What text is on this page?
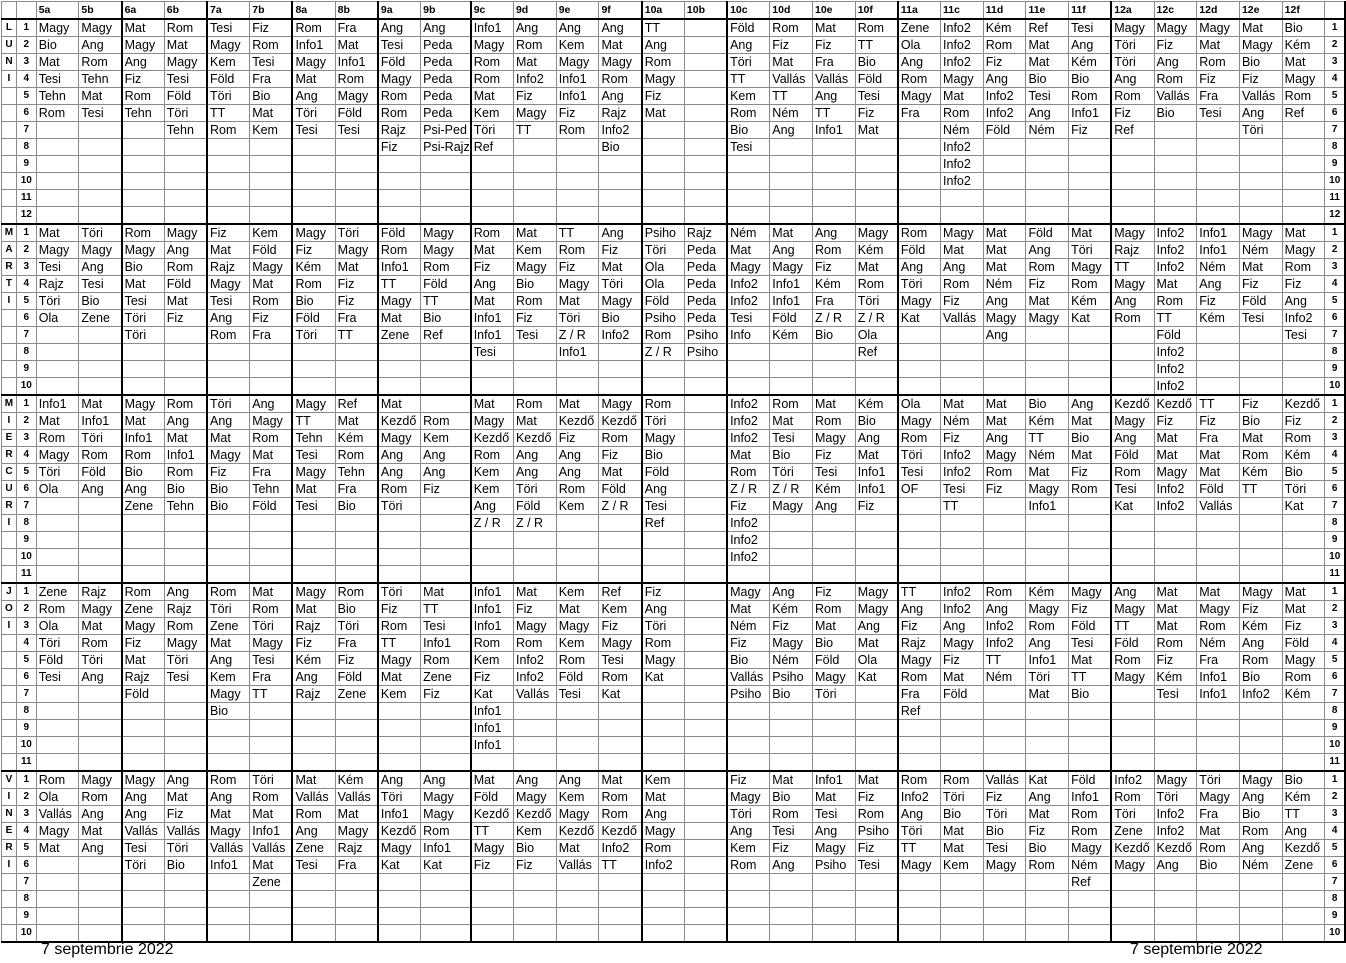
		5a	5b	6a	6b	7a	7b	8a	8b	9a	9b	9c	9d	9e	9f	10a	10b	10c	10d	10e	10f	11a	11c	11d	11e	11f	12a	12c	12d	12e	12f	
L	1	Magy	Magy	Mat	Rom	Tesi	Fiz	Rom	Fra	Ang	Ang	Info1	Ang	Ang	Ang	TT		Föld	Rom	Mat	Rom	Zene	Info2	Kém	Ref	Tesi	Magy	Magy	Magy	Mat	Bio	1
U	2	Bio	Ang	Magy	Mat	Magy	Rom	Info1	Mat	Tesi	Peda	Magy	Rom	Kem	Mat	Ang		Ang	Fiz	Fiz	TT	Ola	Info2	Rom	Mat	Ang	Töri	Fiz	Mat	Magy	Kém	2
N	3	Mat	Rom	Ang	Magy	Kem	Tesi	Magy	Info1	Föld	Peda	Rom	Mat	Magy	Magy	Rom		Töri	Mat	Fra	Bio	Ang	Info2	Fiz	Mat	Kém	Töri	Ang	Rom	Bio	Mat	3
I	4	Tesi	Tehn	Fiz	Tesi	Föld	Fra	Mat	Rom	Magy	Peda	Rom	Info2	Info1	Rom	Magy		TT	Vallás	Vallás	Föld	Rom	Magy	Ang	Bio	Bio	Ang	Rom	Fiz	Fiz	Magy	4
	5	Tehn	Mat	Rom	Föld	Töri	Bio	Ang	Magy	Rom	Peda	Mat	Fiz	Info1	Ang	Fiz		Kem	TT	Ang	Tesi	Magy	Mat	Info2	Tesi	Rom	Rom	Vallás	Fra	Vallás	Rom	5
	6	Rom	Tesi	Tehn	Töri	TT	Mat	Töri	Föld	Rom	Peda	Kem	Magy	Fiz	Rajz	Mat		Rom	Ném	TT	Fiz	Fra	Rom	Info2	Ang	Info1	Fiz	Bio	Tesi	Ang	Ref	6
	7				Tehn	Rom	Kem	Tesi	Tesi	Rajz	Psi-Ped	Töri	TT	Rom	Info2			Bio	Ang	Info1	Mat		Ném	Föld	Ném	Fiz	Ref			Töri		7
	8									Fiz	Psi-Rajz	Ref			Bio			Tesi					Info2									8
	9																						Info2									9
	10																						Info2									10
	11																															11
	12																															12
M	1	Mat	Töri	Rom	Magy	Fiz	Kem	Magy	Töri	Föld	Magy	Rom	Mat	TT	Ang	Psiho	Rajz	Ném	Mat	Ang	Magy	Rom	Magy	Mat	Föld	Mat	Magy	Info2	Info1	Magy	Mat	1
A	2	Magy	Magy	Magy	Ang	Mat	Föld	Fiz	Magy	Rom	Magy	Mat	Kem	Rom	Fiz	Töri	Peda	Mat	Ang	Rom	Kém	Föld	Mat	Mat	Ang	Töri	Rajz	Info2	Info1	Ném	Magy	2
R	3	Tesi	Ang	Bio	Rom	Rajz	Magy	Kém	Mat	Info1	Rom	Fiz	Magy	Fiz	Mat	Ola	Peda	Magy	Magy	Fiz	Mat	Ang	Ang	Mat	Rom	Magy	TT	Info2	Ném	Mat	Rom	3
T	4	Rajz	Tesi	Mat	Föld	Magy	Mat	Rom	Fiz	TT	Föld	Ang	Bio	Magy	Töri	Ola	Peda	Info2	Info1	Kém	Rom	Töri	Rom	Ném	Fiz	Rom	Magy	Mat	Ang	Fiz	Fiz	4
I	5	Töri	Bio	Tesi	Mat	Tesi	Rom	Bio	Fiz	Magy	TT	Mat	Rom	Mat	Magy	Föld	Peda	Info2	Info1	Fra	Töri	Magy	Fiz	Ang	Mat	Kém	Ang	Rom	Fiz	Föld	Ang	5
	6	Ola	Zene	Töri	Fiz	Ang	Fiz	Föld	Fra	Mat	Bio	Info1	Fiz	Töri	Bio	Psiho	Peda	Tesi	Föld	Z / R	Z / R	Kat	Vallás	Magy	Magy	Kat	Rom	TT	Kém	Tesi	Info2	6
	7			Töri		Rom	Fra	Töri	TT	Zene	Ref	Info1	Tesi	Z / R	Info2	Rom	Psiho	Info	Kém	Bio	Ola			Ang				Föld			Tesi	7
	8											Tesi		Info1		Z / R	Psiho				Ref							Info2				8
	9																											Info2				9
	10																											Info2				10
M	1	Info1	Mat	Magy	Rom	Töri	Ang	Magy	Ref	Mat		Mat	Rom	Mat	Magy	Rom		Info2	Rom	Mat	Kém	Ola	Mat	Mat	Bio	Ang	Kezdő	Kezdő	TT	Fiz	Kezdő	1
I	2	Mat	Info1	Mat	Ang	Ang	Magy	TT	Mat	Kezdő	Rom	Magy	Mat	Kezdő	Kezdő	Töri		Info2	Mat	Rom	Bio	Magy	Ném	Mat	Kém	Mat	Magy	Fiz	Fiz	Bio	Fiz	2
E	3	Rom	Töri	Info1	Mat	Mat	Rom	Tehn	Kém	Magy	Kem	Kezdő	Kezdő	Fiz	Rom	Magy		Info2	Tesi	Magy	Ang	Rom	Fiz	Ang	TT	Bio	Ang	Mat	Fra	Mat	Rom	3
R	4	Magy	Rom	Rom	Info1	Magy	Mat	Tesi	Rom	Ang	Ang	Rom	Ang	Ang	Fiz	Bio		Mat	Bio	Fiz	Mat	Töri	Info2	Magy	Ném	Mat	Föld	Mat	Mat	Rom	Kém	4
C	5	Töri	Föld	Bio	Rom	Fiz	Fra	Magy	Tehn	Ang	Ang	Kem	Ang	Ang	Mat	Föld		Rom	Töri	Tesi	Info1	Tesi	Info2	Rom	Mat	Fiz	Rom	Magy	Mat	Kém	Bio	5
U	6	Ola	Ang	Ang	Bio	Bio	Tehn	Mat	Fra	Rom	Fiz	Kem	Töri	Rom	Föld	Ang		Z / R	Z / R	Kém	Info1	OF	Tesi	Fiz	Magy	Rom	Tesi	Info2	Föld	TT	Töri	6
R	7			Zene	Tehn	Bio	Föld	Tesi	Bio	Töri		Ang	Föld	Kem	Z / R	Tesi		Fiz	Magy	Ang	Fiz		TT		Info1		Kat	Info2	Vallás		Kat	7
I	8											Z / R	Z / R			Ref		Info2														8
	9																	Info2														9
	10																	Info2														10
	11																															11
J	1	Zene	Rajz	Rom	Ang	Rom	Mat	Magy	Rom	Töri	Mat	Info1	Mat	Kem	Ref	Fiz		Magy	Ang	Fiz	Magy	TT	Info2	Rom	Kém	Magy	Ang	Mat	Mat	Magy	Mat	1
O	2	Rom	Magy	Zene	Rajz	Töri	Rom	Mat	Bio	Fiz	TT	Info1	Fiz	Mat	Kem	Ang		Mat	Kém	Rom	Magy	Ang	Info2	Ang	Magy	Fiz	Magy	Mat	Magy	Fiz	Mat	2
I	3	Ola	Mat	Magy	Rom	Zene	Töri	Rajz	Töri	Rom	Tesi	Info1	Magy	Magy	Fiz	Töri		Ném	Fiz	Mat	Ang	Fiz	Ang	Info2	Rom	Föld	TT	Mat	Rom	Kém	Fiz	3
	4	Töri	Rom	Fiz	Magy	Mat	Magy	Fiz	Fra	TT	Info1	Rom	Rom	Kem	Magy	Rom		Fiz	Magy	Bio	Mat	Rajz	Magy	Info2	Ang	Tesi	Föld	Rom	Ném	Ang	Föld	4
	5	Föld	Töri	Mat	Töri	Ang	Tesi	Kém	Fiz	Magy	Rom	Kem	Info2	Rom	Tesi	Magy		Bio	Ném	Föld	Ola	Magy	Fiz	TT	Info1	Mat	Rom	Fiz	Fra	Rom	Magy	5
	6	Tesi	Ang	Rajz	Tesi	Kem	Fra	Ang	Föld	Mat	Zene	Fiz	Info2	Föld	Rom	Kat		Vallás	Psiho	Magy	Kat	Rom	Mat	Ném	Töri	TT	Magy	Kém	Info1	Bio	Rom	6
	7			Föld		Magy	TT	Rajz	Zene	Kem	Fiz	Kat	Vallás	Tesi	Kat			Psiho	Bio	Töri		Fra	Föld		Mat	Bio		Tesi	Info1	Info2	Kém	7
	8					Bio						Info1										Ref										8
	9											Info1																				9
	10											Info1																				10
	11																															11
V	1	Rom	Magy	Magy	Ang	Rom	Töri	Mat	Kém	Ang	Ang	Mat	Ang	Ang	Mat	Kem		Fiz	Mat	Info1	Mat	Rom	Rom	Vallás	Kat	Föld	Info2	Magy	Töri	Magy	Bio	1
I	2	Ola	Rom	Ang	Mat	Ang	Rom	Vallás	Vallás	Töri	Magy	Föld	Magy	Kem	Rom	Mat		Magy	Bio	Mat	Fiz	Info2	Töri	Fiz	Ang	Info1	Rom	Töri	Magy	Ang	Kém	2
N	3	Vallás	Ang	Ang	Fiz	Mat	Mat	Rom	Mat	Info1	Magy	Kezdő	Kezdő	Magy	Rom	Ang		Töri	Rom	Tesi	Rom	Ang	Bio	Töri	Mat	Rom	Töri	Info2	Fra	Bio	TT	3
E	4	Magy	Mat	Vallás	Vallás	Magy	Info1	Ang	Magy	Kezdő	Rom	TT	Kem	Kezdő	Kezdő	Magy		Ang	Tesi	Ang	Psiho	Töri	Mat	Bio	Fiz	Rom	Zene	Info2	Mat	Rom	Ang	4
R	5	Mat	Ang	Tesi	Töri	Vallás	Vallás	Zene	Rajz	Magy	Info1	Magy	Bio	Mat	Info2	Rom		Kem	Fiz	Magy	Fiz	TT	Mat	Tesi	Bio	Magy	Kezdő	Kezdő	Rom	Ang	Kezdő	5
I	6			Töri	Bio	Info1	Mat	Tesi	Fra	Kat	Kat	Fiz	Fiz	Vallás	TT	Info2		Rom	Ang	Psiho	Tesi	Magy	Kem	Magy	Rom	Ném	Magy	Ang	Bio	Ném	Zene	6
	7						Zene																			Ref						7
	8																															8
	9																															9
	10																															10
7 septembrie 2022	7 septembrie 2022
